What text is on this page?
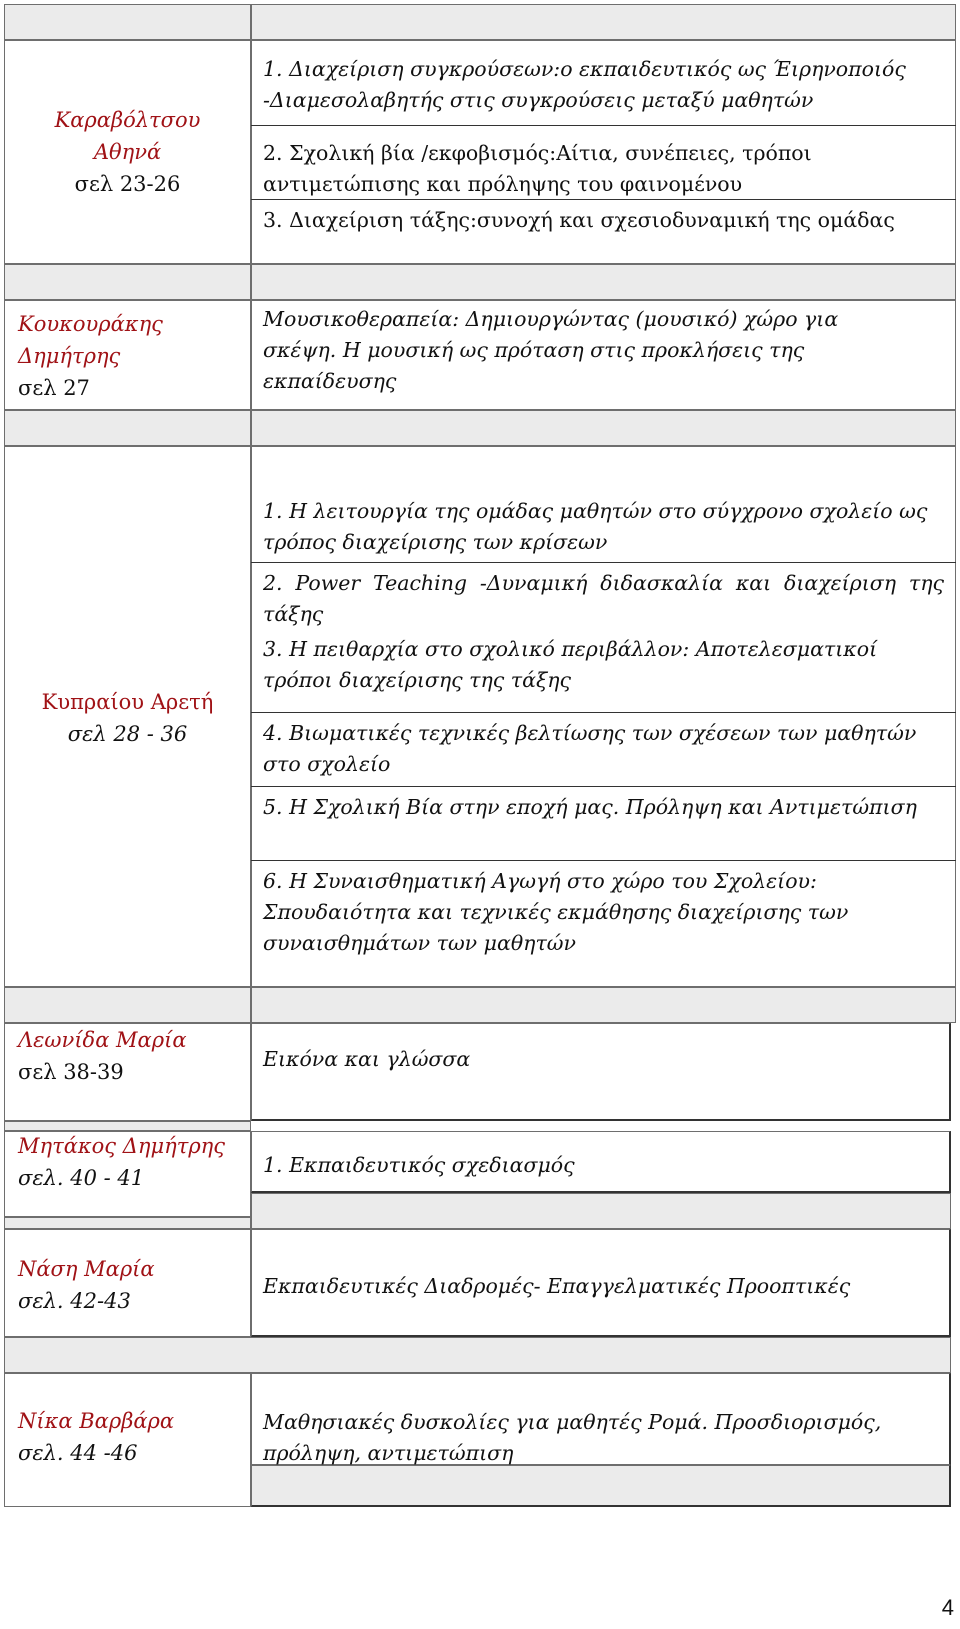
Καραβόλτσου
Αθηνά
σελ 23-26
1. Διαχείριση συγκρούσεων:ο εκπαιδευτικός ως Έιρηνοποιός -Διαμεσολαβητής στις συγκρούσεις μεταξύ μαθητών
2. Σχολική βία /εκφοβισμός:Αίτια, συνέπειες, τρόποι αντιμετώπισης και πρόληψης του φαινομένου
3. Διαχείριση τάξης:συνοχή και σχεσιοδυναμική της ομάδας
Κουκουράκης
Δημήτρης
σελ 27
Μουσικοθεραπεία: Δημιουργώντας (μουσικό) χώρο για σκέψη. Η μουσική ως πρόταση στις προκλήσεις της εκπαίδευσης
Κυπραίου Αρετή
σελ 28 - 36
1. Η λειτουργία της ομάδας μαθητών στο σύγχρονο σχολείο ως τρόπος διαχείρισης των κρίσεων
2. Power Teaching -Δυναμική διδασκαλία και διαχείριση της τάξης
3. Η πειθαρχία στο σχολικό περιβάλλον: Αποτελεσματικοί τρόποι διαχείρισης της τάξης
4. Βιωματικές τεχνικές βελτίωσης των σχέσεων των μαθητών στο σχολείο
5. Η Σχολική Βία στην εποχή μας. Πρόληψη και Αντιμετώπιση
6. Η Συναισθηματική Αγωγή στο χώρο του Σχολείου: Σπουδαιότητα και τεχνικές εκμάθησης διαχείρισης των συναισθημάτων των μαθητών
Λεωνίδα Μαρία
σελ 38-39
Εικόνα και γλώσσα
Μητάκος Δημήτρης
σελ. 40 - 41
1. Εκπαιδευτικός σχεδιασμός
Νάση Μαρία
σελ. 42-43
Εκπαιδευτικές Διαδρομές- Επαγγελματικές Προοπτικές
Νίκα Βαρβάρα
σελ. 44 -46
Μαθησιακές δυσκολίες για μαθητές Ρομά. Προσδιορισμός, πρόληψη, αντιμετώπιση
4
